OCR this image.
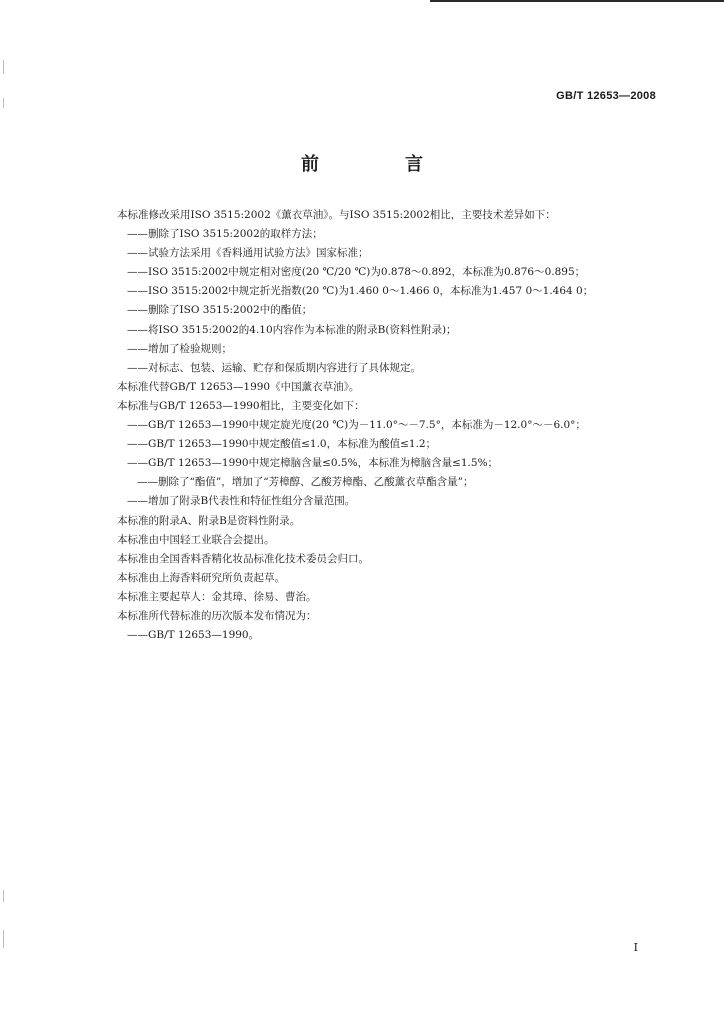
GB/T 12653—2008
前　言
本标准修改采用ISO 3515:2002《薰衣草油》。与ISO 3515:2002相比，主要技术差异如下：
——删除了ISO 3515:2002的取样方法；
——试验方法采用《香料通用试验方法》国家标准；
——ISO 3515:2002中规定相对密度(20 ℃/20 ℃)为0.878～0.892，本标准为0.876～0.895；
——ISO 3515:2002中规定折光指数(20 ℃)为1.460 0～1.466 0，本标准为1.457 0～1.464 0；
——删除了ISO 3515:2002中的酯值；
——将ISO 3515:2002的4.10内容作为本标准的附录B(资料性附录)；
——增加了检验规则；
——对标志、包装、运输、贮存和保质期内容进行了具体规定。
本标准代替GB/T 12653—1990《中国薰衣草油》。
本标准与GB/T 12653—1990相比，主要变化如下：
——GB/T 12653—1990中规定旋光度(20 ℃)为－11.0°～－7.5°，本标准为－12.0°～－6.0°；
——GB/T 12653—1990中规定酸值≤1.0，本标准为酸值≤1.2；
——GB/T 12653—1990中规定樟脑含量≤0.5%，本标准为樟脑含量≤1.5%；
——删除了“酯值”，增加了“芳樟醇、乙酸芳樟酯、乙酸薰衣草酯含量”；
——增加了附录B代表性和特征性组分含量范围。
本标准的附录A、附录B是资料性附录。
本标准由中国轻工业联合会提出。
本标准由全国香料香精化妆品标准化技术委员会归口。
本标准由上海香料研究所负责起草。
本标准主要起草人：金其璋、徐易、曹治。
本标准所代替标准的历次版本发布情况为：
——GB/T 12653—1990。
I
